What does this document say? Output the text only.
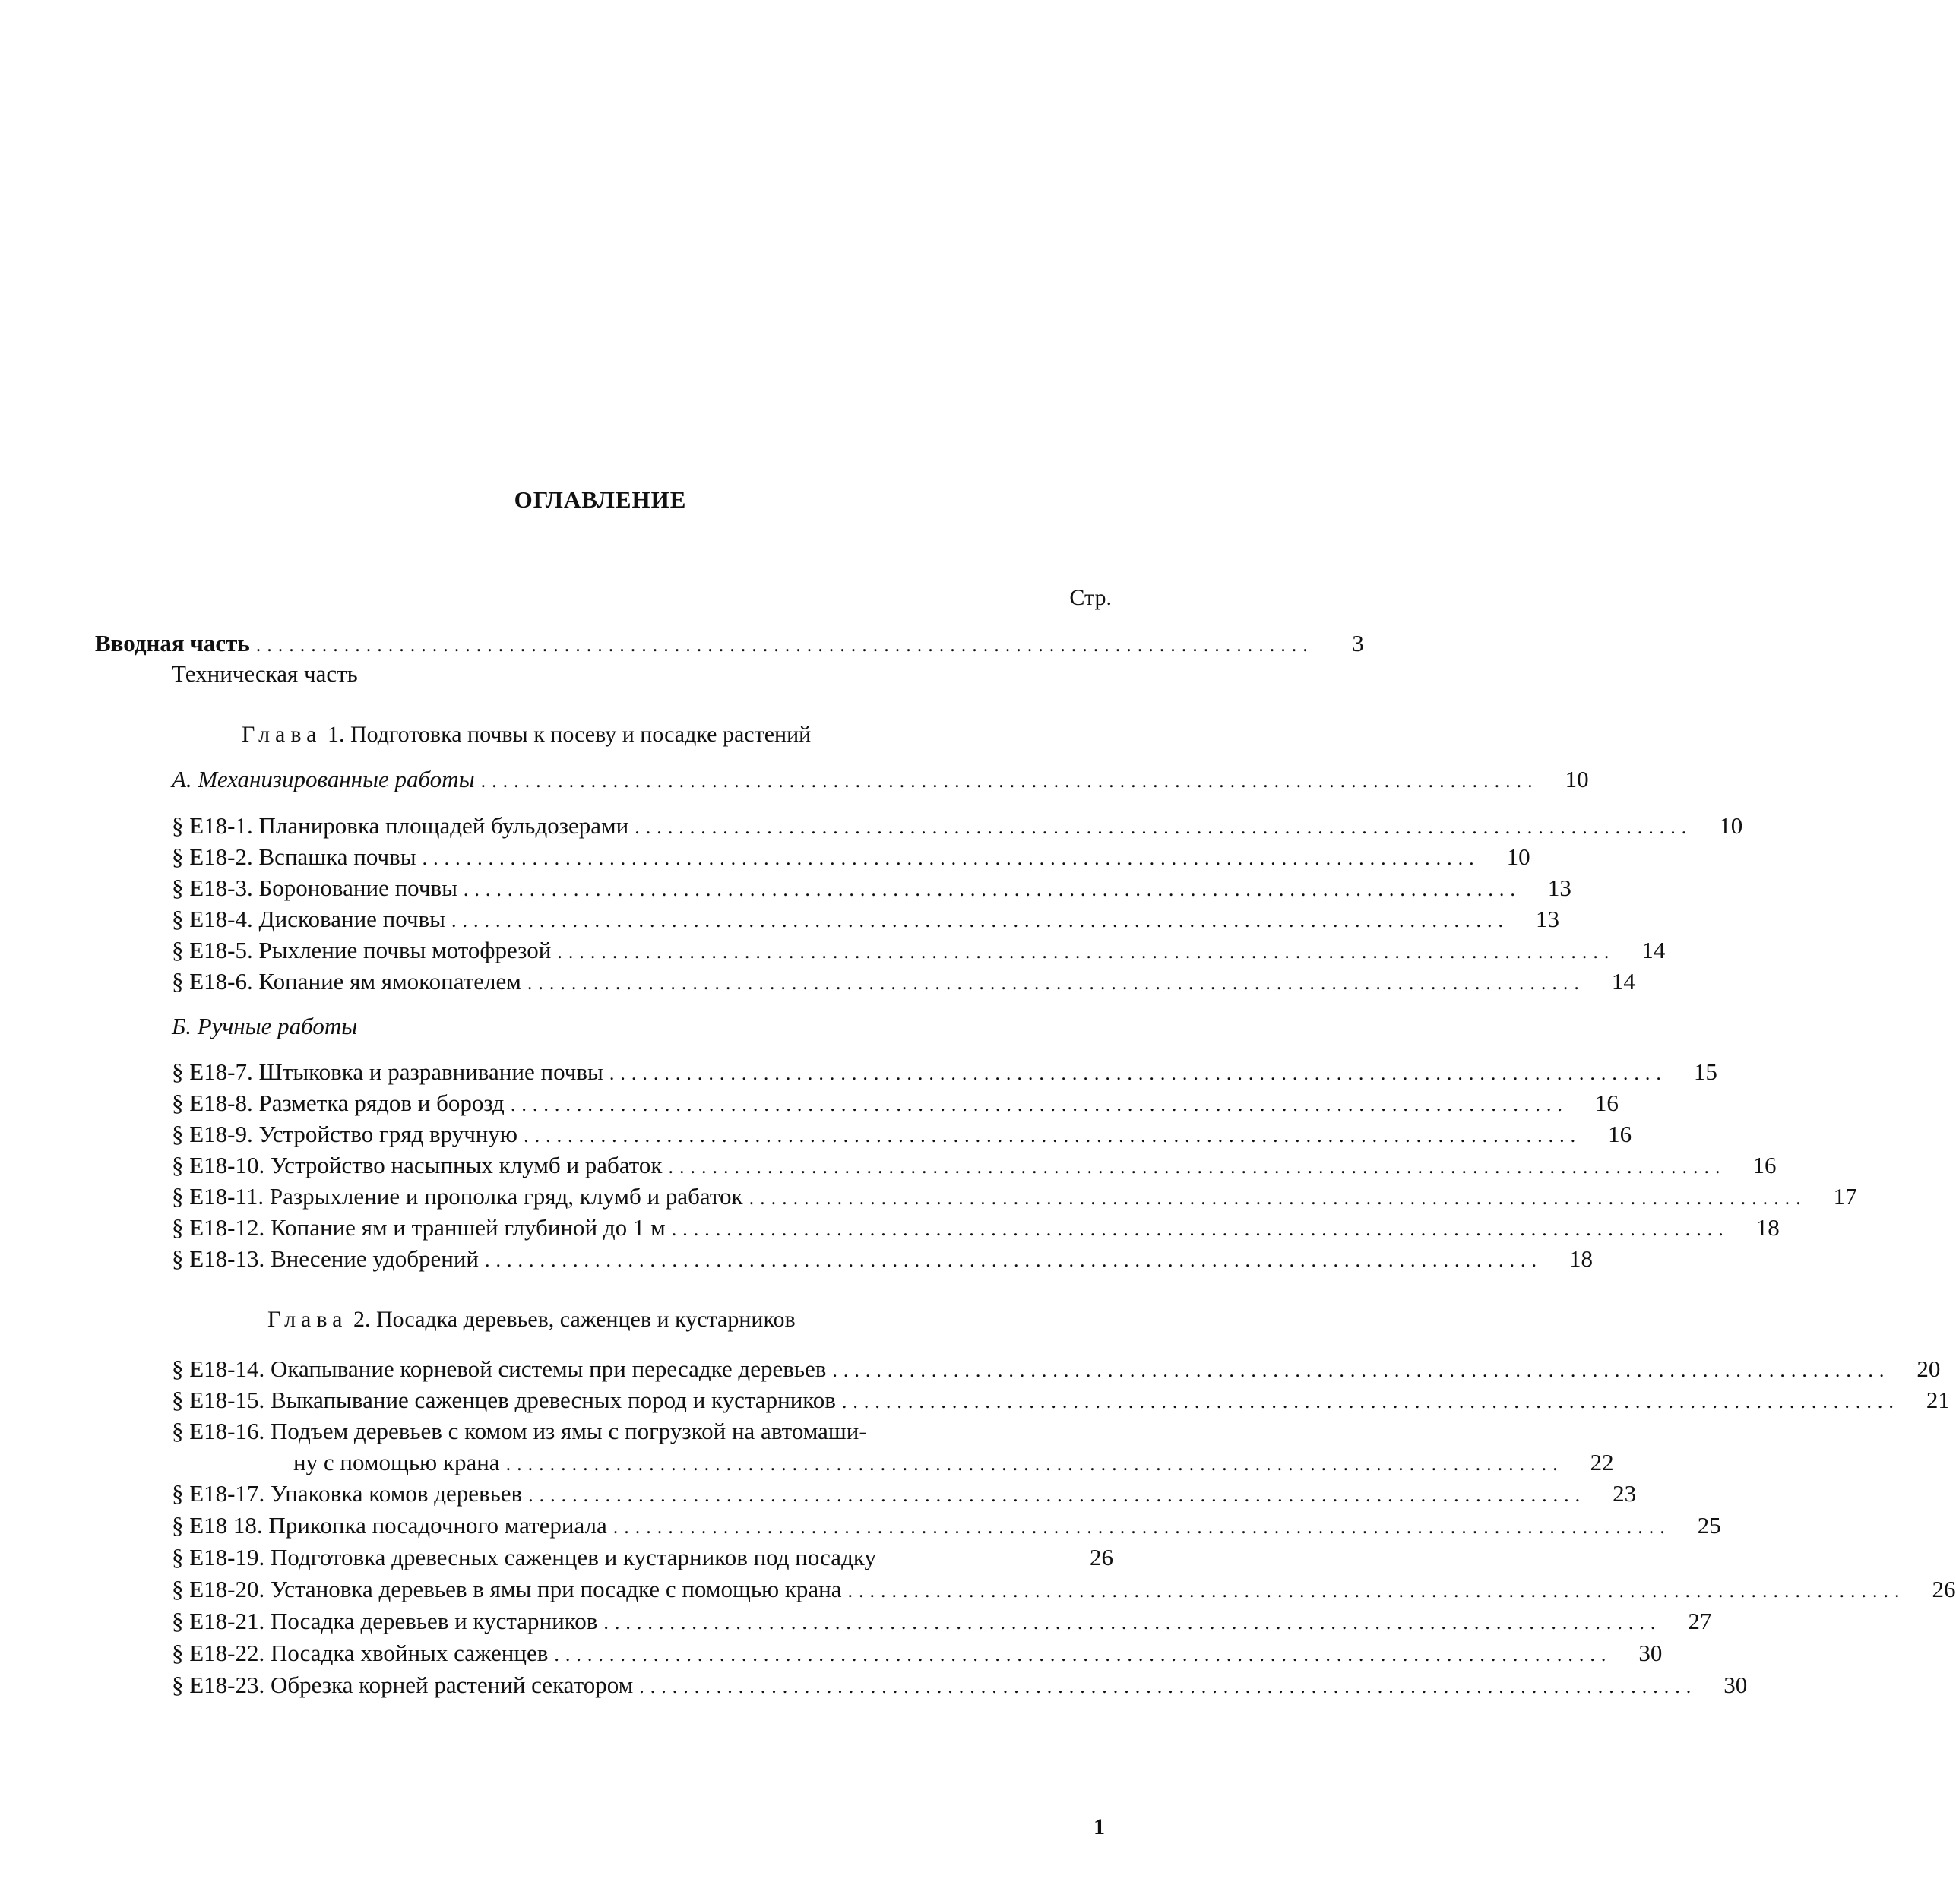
ОГЛАВЛЕНИЕ
Стр.
Вводная часть ................................................................................................	3
Техническая часть
Глава 1. Подготовка почвы к посеву и посадке растений
А. Механизированные работы ................................................................................................	10
§ Е18-1. Планировка площадей бульдозерами ................................................................................................	10
§ Е18-2. Вспашка почвы ................................................................................................	10
§ Е18-3. Боронование почвы ................................................................................................	13
§ Е18-4. Дискование почвы ................................................................................................	13
§ Е18-5. Рыхление почвы мотофрезой ................................................................................................	14
§ Е18-6. Копание ям ямокопателем ................................................................................................	14
Б. Ручные работы
§ Е18-7. Штыковка и разравнивание почвы ................................................................................................	15
§ Е18-8. Разметка рядов и борозд ................................................................................................	16
§ Е18-9. Устройство гряд вручную ................................................................................................	16
§ Е18-10. Устройство насыпных клумб и рабаток ................................................................................................	16
§ Е18-11. Разрыхление и прополка гряд, клумб и рабаток ................................................................................................	17
§ Е18-12. Копание ям и траншей глубиной до 1 м ................................................................................................	18
§ Е18-13. Внесение удобрений ................................................................................................	18
Глава 2. Посадка деревьев, саженцев и кустарников
§ Е18-14. Окапывание корневой системы при пересадке деревьев ................................................................................................	20
§ Е18-15. Выкапывание саженцев древесных пород и кустарников ................................................................................................	21
§ Е18-16. Подъем деревьев с комом из ямы с погрузкой на автомаши-
ну с помощью крана ................................................................................................	22
§ Е18-17. Упаковка комов деревьев ................................................................................................	23
§ Е18 18. Прикопка посадочного материала ................................................................................................	25
§ Е18-19. Подготовка древесных саженцев и кустарников под посадку	26
§ Е18-20. Установка деревьев в ямы при посадке с помощью крана ................................................................................................	26
§ Е18-21. Посадка деревьев и кустарников ................................................................................................	27
§ Е18-22. Посадка хвойных саженцев ................................................................................................	30
§ Е18-23. Обрезка корней растений секатором ................................................................................................	30
1
